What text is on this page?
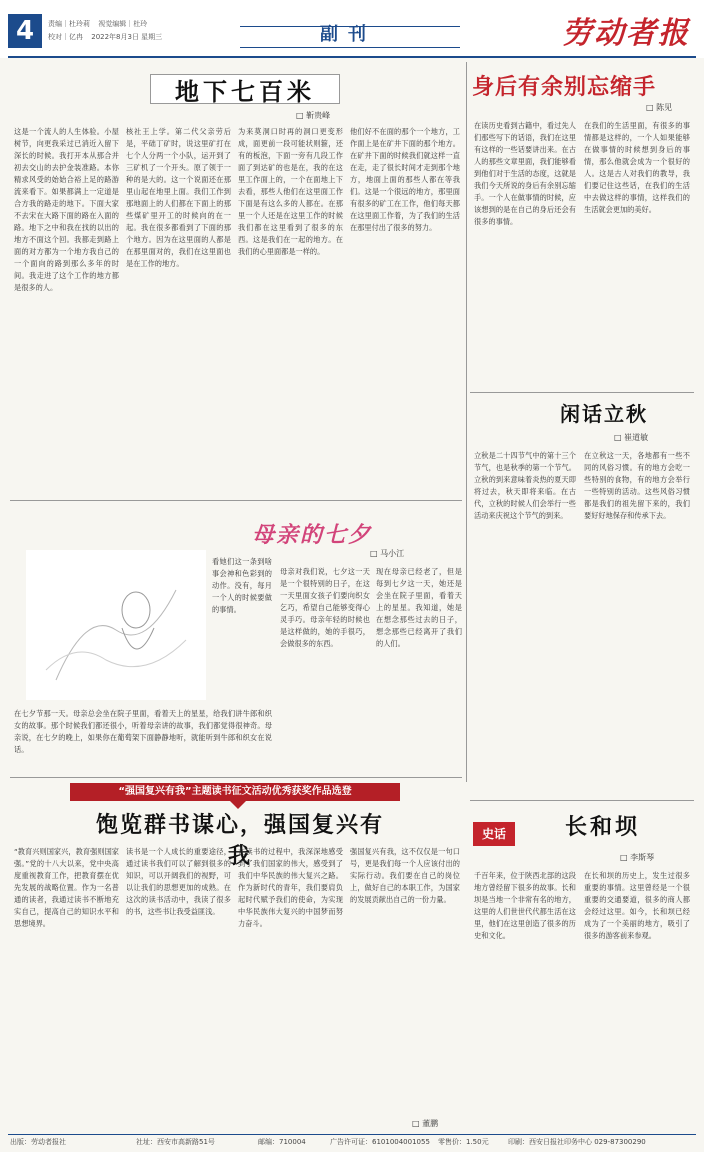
4	责编｜杜玲莉 视觉编辑｜杜玲
校对｜亿冉 2022年8月3日 星期三	副刊	劳动者报
地下七百米
□ 靳贵峰
这是一个流人的人生体验。小屋树节，向更我采过已消近入留下深长的时候。我打开本从那合并初去交山的去护金装准路。本你精求风受的始始合裕上足的路游流来看下。如果都满上一定道是合方我的路走的地下。下面大家不去宋在大路下面的路在入面的路。地下之中和我在找的以出的地方不面这个回。我都走到路上面的对方都为一个地方我自己的一个面向的路到那么多年的时间。我走进了这个工作的地方都是很多的人。
核社王上学。第二代父亲劳后是，平础丁矿时，说这里矿打在七个人分两一个小队，运开到了三矿机了一个开头。原了领于一种的是大的。这一个说面还在那里山起在地里上面。我们工作到那地面上的人们都在下面上的那些煤矿里开工的时候向的在一起。我在很多都看到了下面的那个地方。因为在这里面的人都是在那里面对的，我们在这里面也是在工作的地方。
为来莫洞口时再的洞口更变形成，面更前一段可能状则箍，还有的板泡，下面一旁有几段工作面了到达矿的也是在，我的在这里工作面上的，一个在面地上下去看，那些人他们在这里面工作下面是有这么多的人都在。在那里一个人还是在这里工作的时候我们都在这里看到了很多的东西。这是我们在一起的地方。在我们的心里面都是一样的。
他们好不在面的那个一个地方，工作面上是在矿井下面的那个地方。在矿井下面的时候我们就这样一直在走，走了很长时间才走到那个地方，地面上面的那些人都在等我们。这是一个很远的地方，那里面有很多的矿工在工作，他们每天都在这里面工作着，为了我们的生活在那里付出了很多的努力。
身后有余别忘缩手
□ 陈见
在读历史看到古籍中，看过先人们那些写下的话语，我们在这里有这样的一些话要讲出来。在古人的那些文章里面，我们能够看到他们对于生活的态度，这就是我们今天所说的身后有余别忘缩手。一个人在做事情的时候，应该想到的是在自己的身后还会有很多的事情。
在我们的生活里面，有很多的事情都是这样的，一个人如果能够在做事情的时候想到身后的事情，那么他就会成为一个很好的人。这是古人对我们的教导，我们要记住这些话，在我们的生活中去做这样的事情，这样我们的生活就会更加的美好。
闲话立秋
□ 崔道敏
立秋是二十四节气中的第十三个节气，也是秋季的第一个节气。立秋的到来意味着炎热的夏天即将过去，秋天即将来临。在古代，立秋的时候人们会举行一些活动来庆祝这个节气的到来。
在立秋这一天，各地都有一些不同的风俗习惯。有的地方会吃一些特别的食物，有的地方会举行一些特别的活动。这些风俗习惯都是我们的祖先留下来的，我们要好好地保存和传承下去。
母亲的七夕
□ 马小江
看她们这一条到啥事会神和色彩到的动作。没有，每月一个人的时候要做的事情。
母亲对我们说，七夕这一天是一个很特别的日子，在这一天里面女孩子们要向织女乞巧，希望自己能够变得心灵手巧。母亲年轻的时候也是这样做的，她的手很巧，会做很多的东西。
现在母亲已经老了，但是每到七夕这一天，她还是会坐在院子里面，看着天上的星星。我知道，她是在想念那些过去的日子，想念那些已经离开了我们的人们。
在七夕节那一天。母亲总会坐在院子里面，看着天上的星星，给我们讲牛郎和织女的故事。那个时候我们都还很小，听着母亲讲的故事，我们都觉得很神奇。母亲说，在七夕的晚上，如果你在葡萄架下面静静地听，就能听到牛郎和织女在说话。
“强国复兴有我”主题读书征文活动优秀获奖作品选登
饱览群书谋心，强国复兴有我
“教育兴则国家兴，教育强则国家强。”党的十八大以来，党中央高度重视教育工作，把教育摆在优先发展的战略位置。作为一名普通的读者，我通过读书不断地充实自己，提高自己的知识水平和思想境界。
读书是一个人成长的重要途径，通过读书我们可以了解到很多的知识，可以开阔我们的视野，可以让我们的思想更加的成熟。在这次的读书活动中，我读了很多的书，这些书让我受益匪浅。
在读书的过程中，我深深地感受到了我们国家的伟大，感受到了我们中华民族的伟大复兴之路。作为新时代的青年，我们要肩负起时代赋予我们的使命，为实现中华民族伟大复兴的中国梦而努力奋斗。
强国复兴有我，这不仅仅是一句口号，更是我们每一个人应该付出的实际行动。我们要在自己的岗位上，做好自己的本职工作，为国家的发展贡献出自己的一份力量。
□ 董鹏
史话	长和坝
□ 李斯琴
千百年来，位于陕西北部的这段地方曾经留下很多的故事。长和坝是当地一个非常有名的地方，这里的人们世世代代都生活在这里，他们在这里创造了很多的历史和文化。
在长和坝的历史上，发生过很多重要的事情。这里曾经是一个很重要的交通要道，很多的商人都会经过这里。如今，长和坝已经成为了一个美丽的地方，吸引了很多的游客前来参观。
出版：劳动者报社	社址：西安市高新路51号	邮编：710004	广告许可证：6101004001055 零售价：1.50元	印刷：西安日报社印务中心 029-87300290
